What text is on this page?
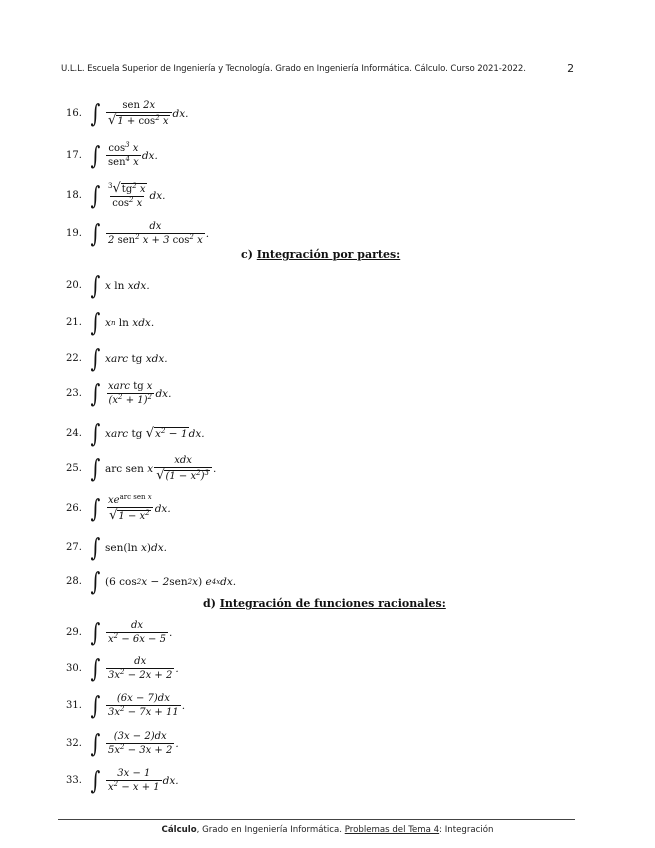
U.L.L. Escuela Superior de Ingeniería y Tecnología. Grado en Ingeniería Informática. Cálculo. Curso 2021-2022.	2
16. ∫ $\frac{\text{sen 2x}}{√ 1 + \cos^2 x}$ dx.
17. ∫ $\frac{\cos^3 x}{sen^4 x}$ dx.
18. ∫ $\frac{^3√ tg^2 x}{\cos^2 x}$ dx.
19. ∫ $\frac{dx}{2 sen^2 x + 3 \cos^2 x}$ .
c) Integración por partes:
20. ∫ x ln xdx.
21. ∫ x n ln xdx.
22. ∫ xarc tg xdx.
23. ∫ $\frac{\text{xarc tg x}}{(x^2 + 1)^2}$ dx.
24. ∫ xarc tg
√ $x^2 - 1$ dx.
25. ∫ arc
sen x $\frac{\text{xdx}}{√ (1 - x^2)^3}$ .
26. ∫ $\frac{xe^{arc sen x}}{√ 1 - x^2}$ dx.
27. ∫ sen(ln x ) dx.
28. ∫ (6
cos 2 x − 2 sen 2 x ) e 4x dx.
d) Integración de funciones racionales:
29. ∫ $\frac{dx}{x^2 - 6x - 5}$ .
30. ∫ $\frac{dx}{3x^2 - 2x + 2}$ .
31. ∫ $\frac{(6x - 7)dx}{3x^2 - 7x + 11}$ .
32. ∫ $\frac{(3x - 2)dx}{5x^2 - 3x + 2}$ .
33. ∫ $\frac{3x - 1}{x^2 - x + 1}$ dx.
Cálculo, Grado en Ingeniería Informática. Problemas del Tema 4: Integración
